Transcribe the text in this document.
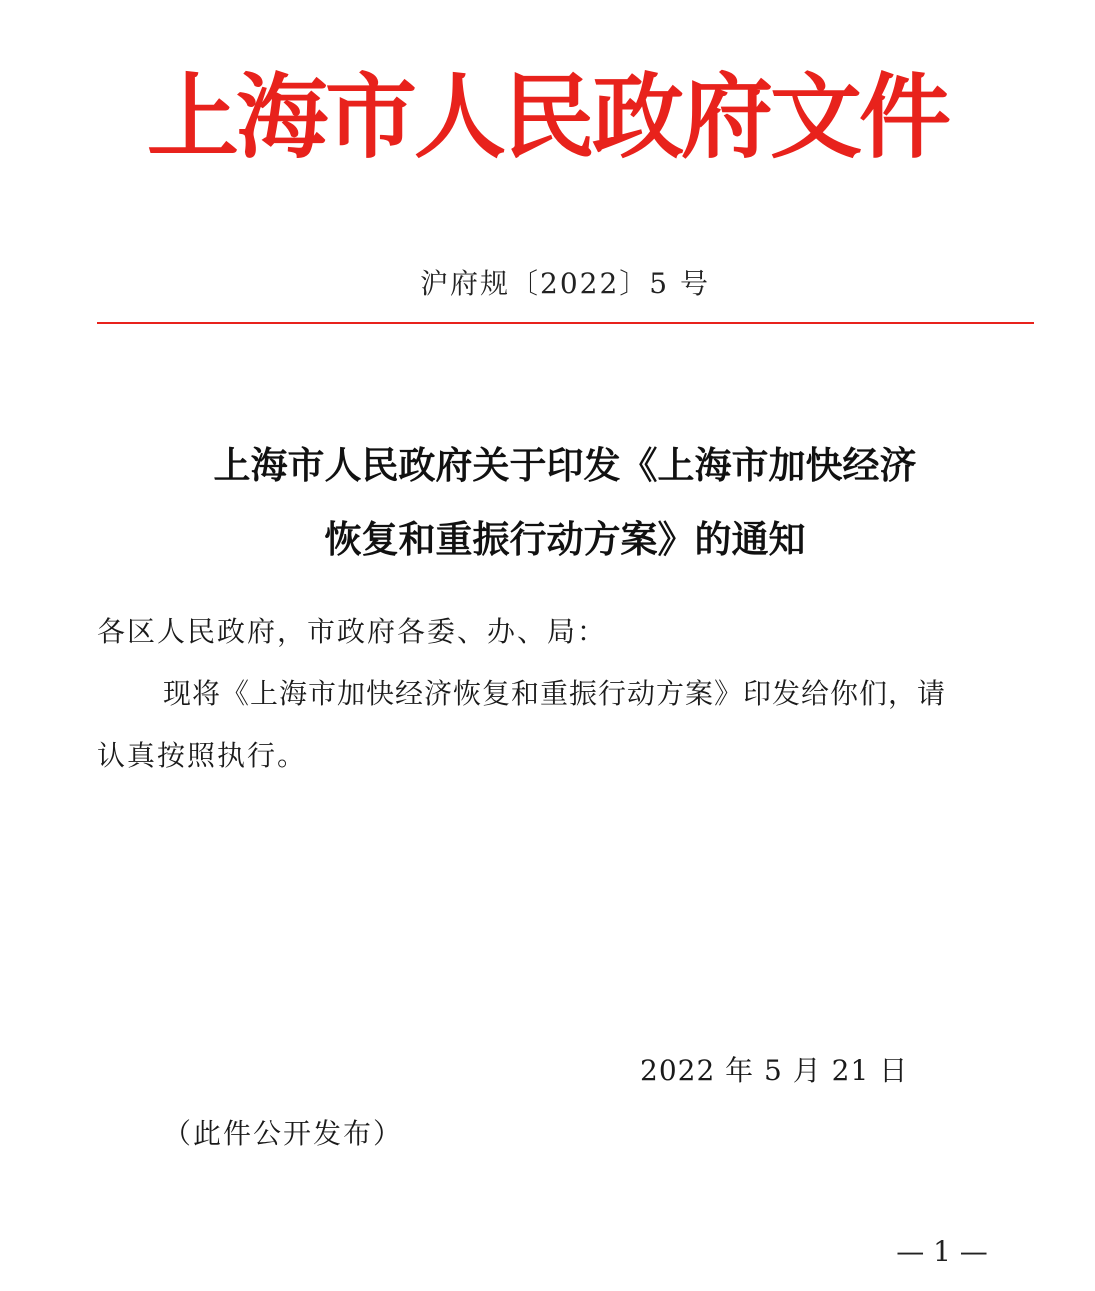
上海市人民政府文件
沪府规〔2022〕5 号
上海市人民政府关于印发《上海市加快经济
恢复和重振行动方案》的通知
各区人民政府，市政府各委、办、局：
现将《上海市加快经济恢复和重振行动方案》印发给你们，请
认真按照执行。
2022 年 5 月 21 日
（此件公开发布）
— 1 —
